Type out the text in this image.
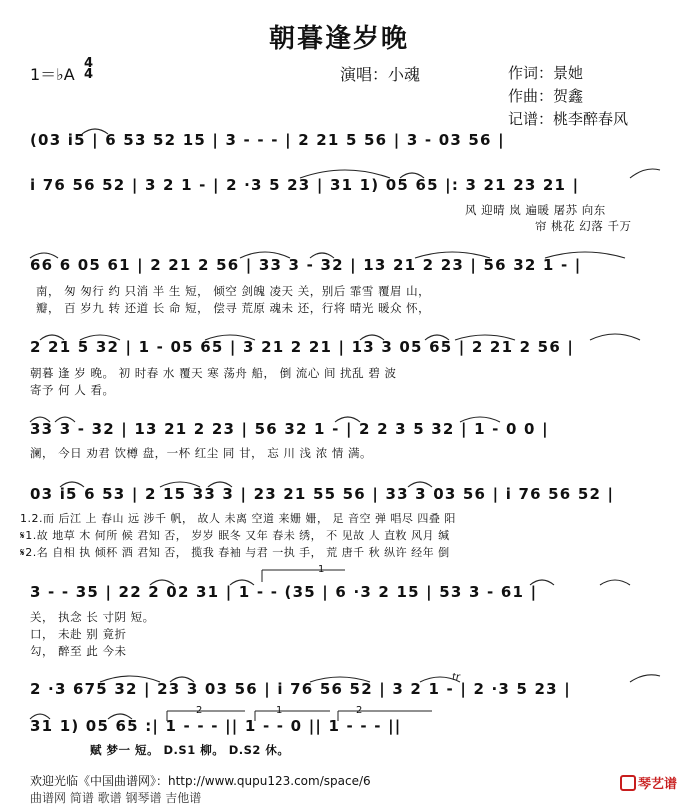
朝暮逢岁晚
1＝♭A
4
4	演唱：小魂	作词：景她
作曲：贺鑫
记谱：桃李醉春风
(03 i5 | 6 53 52 15 | 3 - - - | 2 21 5 56 | 3 - 03 56 |
i 76 56 52 | 3 2 1 - | 2 ·3 5 23 | 31 1) 05 65 |: 3 21 23 21 |
风 迎晴 岚 遍暖 屠苏 向东
帘 桃花 幻落 千万
66 6 05 61 | 2 21 2 56 | 33 3 - 32 | 13 21 2 23 | 56 32 1 - |
南， 匆 匆行 约 只消 半 生 短， 倾空 剑魄 凌天 关，别后 霏雪 覆眉 山，
瓣， 百 岁九 转 还道 长 命 短， 偿寻 荒原 魂未 还，行将 晴光 暖众 怀，
2 21 5 32 | 1 - 05 65 | 3 21 2 21 | 13 3 05 65 | 2 21 2 56 |
朝暮 逢 岁 晚。 初 时春 水 覆天 寒 荡舟 船， 倒 流心 间 扰乱 碧 波
寄予 何 人 看。
33 3 - 32 | 13 21 2 23 | 56 32 1 - | 2 2 3 5 32 | 1 - 0 0 |
澜， 今日 劝君 饮樽 盘，一杯 红尘 同 甘， 忘 川 浅 浓 情 满。
03 i5 6 53 | 2 15 33 3 | 23 21 55 56 | 33 3 03 56 | i 76 56 52 |
1.2.而 后江 上 春山 远 涉千 帆， 故人 未离 空道 来姗 姗， 足 音空 弹 唱尽 四叠 阳
𝄋1.故 地草 木 何所 候 君知 否， 岁岁 眠冬 又年 春未 绣， 不 见故 人 直敉 风月 缄
𝄋2.名 自相 执 倾杯 酒 君知 否， 揽我 春袖 与君 一执 手， 荒 唐千 秋 纵许 经年 倒
3 - - 35 | 22 2 02 31 | 1 - - (35 | 6 ·3 2 15 | 53 3 - 61 |
关， 执念 长 寸阴 短。
口， 未赴 别 竟折
勾， 醉至 此 今未
1
2 ·3 675 32 | 23 3 03 56 | i 76 56 52 | 3 2 1 - | 2 ·3 5 23 |
tr
31 1) 05 65 :| 1 - - - || 1 - - 0 || 1 - - - ||
赋 梦一 短。 D.S1 柳。 D.S2 休。
2	1	2
欢迎光临《中国曲谱网》：http://www.qupu123.com/space/6
曲谱网 简谱 歌谱 钢琴谱 吉他谱
琴艺谱
